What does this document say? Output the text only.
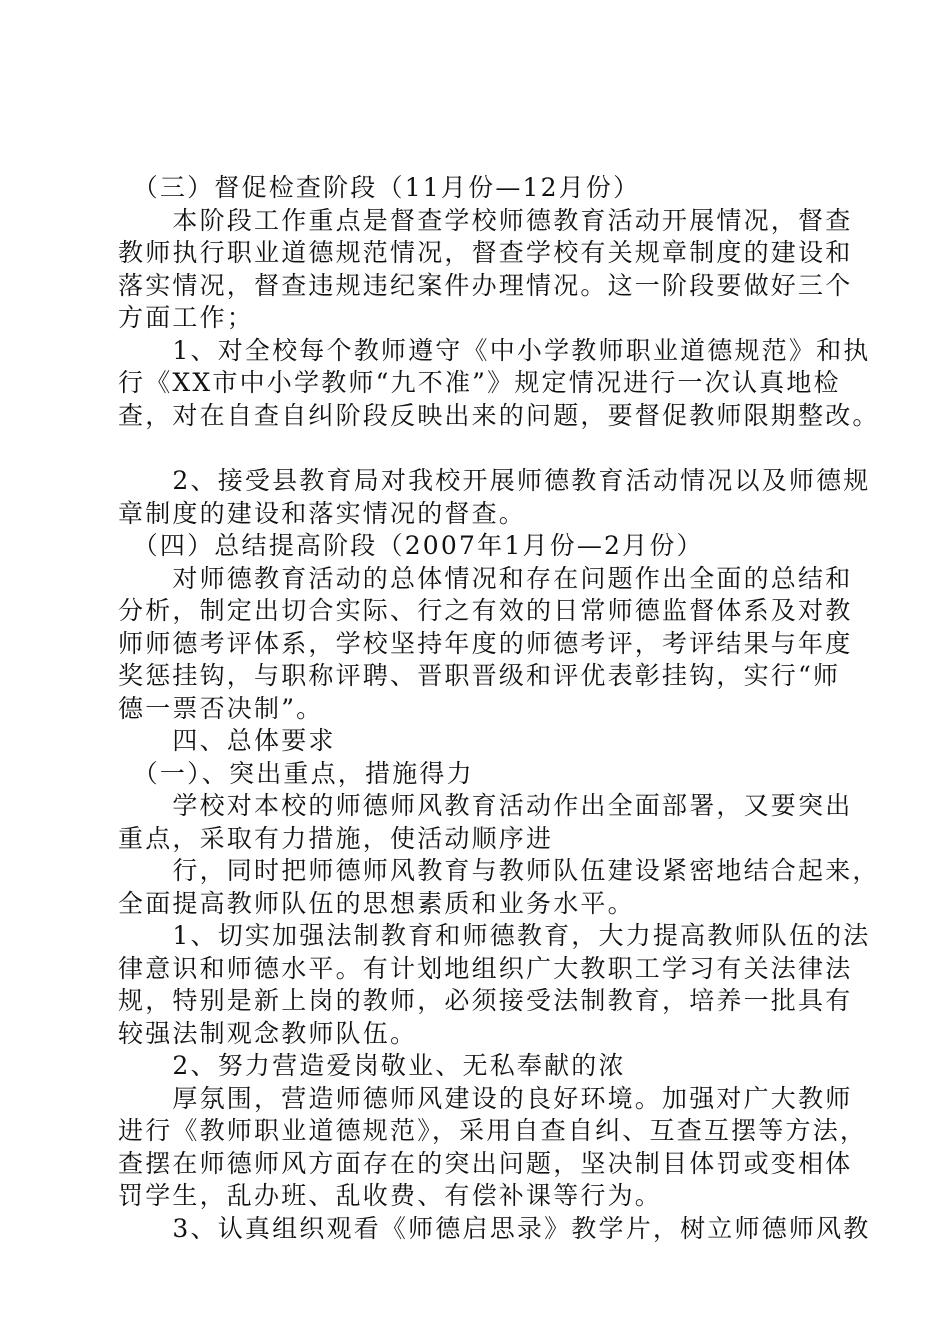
　（三）督促检查阶段（11月份—12月份）
　　本阶段工作重点是督查学校师德教育活动开展情况，督查
教师执行职业道德规范情况，督查学校有关规章制度的建设和
落实情况，督查违规违纪案件办理情况。这一阶段要做好三个
方面工作；
　　1、对全校每个教师遵守《中小学教师职业道德规范》和执
行《XX市中小学教师“九不准”》规定情况进行一次认真地检
查，对在自查自纠阶段反映出来的问题，要督促教师限期整改。
　　2、接受县教育局对我校开展师德教育活动情况以及师德规
章制度的建设和落实情况的督查。
　（四）总结提高阶段（2007年1月份—2月份）
　　对师德教育活动的总体情况和存在问题作出全面的总结和
分析，制定出切合实际、行之有效的日常师德监督体系及对教
师师德考评体系，学校坚持年度的师德考评，考评结果与年度
奖惩挂钩，与职称评聘、晋职晋级和评优表彰挂钩，实行“师
德一票否决制”。
　　四、总体要求
　（一）、突出重点，措施得力
　　学校对本校的师德师风教育活动作出全面部署，又要突出
重点，采取有力措施，使活动顺序进
　　行，同时把师德师风教育与教师队伍建设紧密地结合起来，
全面提高教师队伍的思想素质和业务水平。
　　1、切实加强法制教育和师德教育，大力提高教师队伍的法
律意识和师德水平。有计划地组织广大教职工学习有关法律法
规，特别是新上岗的教师，必须接受法制教育，培养一批具有
较强法制观念教师队伍。
　　2、努力营造爱岗敬业、无私奉献的浓
　　厚氛围，营造师德师风建设的良好环境。加强对广大教师
进行《教师职业道德规范》，采用自查自纠、互查互摆等方法，
查摆在师德师风方面存在的突出问题，坚决制目体罚或变相体
罚学生，乱办班、乱收费、有偿补课等行为。
　　3、认真组织观看《师德启思录》教学片，树立师德师风教
